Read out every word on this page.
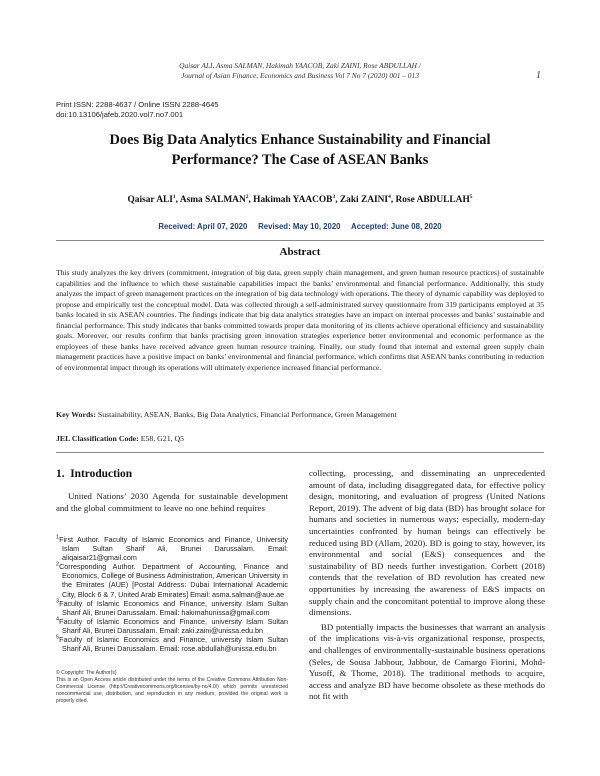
Qaisar ALI, Asma SALMAN, Hakimah YAACOB, Zaki ZAINI, Rose ABDULLAH /
Journal of Asian Finance, Economics and Business Vol 7 No 7 (2020) 001 – 013	1
Print ISSN: 2288-4637 / Online ISSN 2288-4645
doi:10.13106/jafeb.2020.vol7.no7.001
Does Big Data Analytics Enhance Sustainability and Financial
Performance? The Case of ASEAN Banks
Qaisar ALI$^1$, Asma SALMAN$^2$, Hakimah YAACOB$^3$, Zaki ZAINI$^4$, Rose ABDULLAH$^5$
Received: April 07, 2020     Revised: May 10, 2020     Accepted: June 08, 2020
Abstract
This study analyzes the key drivers (commitment, integration of big data, green supply chain management, and green human resource practices) of sustainable capabilities and the influence to which these sustainable capabilities impact the banks’ environmental and financial performance. Additionally, this study analyzes the impact of green management practices on the integration of big data technology with operations. The theory of dynamic capability was deployed to propose and empirically test the conceptual model. Data was collected through a self-administrated survey questionnaire from 319 participants employed at 35 banks located in six ASEAN countries. The findings indicate that big data analytics strategies have an impact on internal processes and banks’ sustainable and financial performance. This study indicates that banks committed towards proper data monitoring of its clients achieve operational efficiency and sustainability goals. Moreover, our results confirm that banks practising green innovation strategies experience better environmental and economic performance as the employees of these banks have received advance green human resource training. Finally, our study found that internal and external green supply chain management practices have a positive impact on banks’ environmental and financial performance, which confirms that ASEAN banks contributing in reduction of environmental impact through its operations will ultimately experience increased financial performance.
Key Words: Sustainability, ASEAN, Banks, Big Data Analytics, Financial Performance, Green Management
JEL Classification Code: E58, G21, Q5
1.  Introduction
United Nations’ 2030 Agenda for sustainable development and the global commitment to leave no one behind requires

$^1$First Author. Faculty of Islamic Economics and Finance, University Islam Sultan Sharif Ali, Brunei Darussalam. Email: aliqaisar21@gmail.com

$^2$Corresponding Author. Department of Accounting, Finance and Economics, College of Business Administration, American University in the Emirates (AUE) [Postal Address: Dubai International Academic City, Block 6 & 7, United Arab Emirates] Email: asma.salman@aue.ae

$^3$Faculty of Islamic Economics and Finance, university Islam Sultan Sharif Ali, Brunei Darussalam. Email: hakimahunissa@gmail.com

$^4$Faculty of Islamic Economics and Finance, university Islam Sultan Sharif Ali, Brunei Darussalam. Email: zaki.zaini@unissa.edu.bn

$^5$Faculty of Islamic Economics and Finance, university Islam Sultan Sharif Ali, Brunei Darussalam. Email: rose.abdullah@unissa.edu.bn

© Copyright: The Author(s)

This is an Open Access article distributed under the terms of the Creative Commons Attribution Non-Commercial License (http://Creativecommons.org/licenses/by-nc/4.0/) which permits unrestricted noncommercial use, distribution, and reproduction in any medium, provided the original work is properly cited.

collecting, processing, and disseminating an unprecedented amount of data, including disaggregated data, for effective policy design, monitoring, and evaluation of progress (United Nations Report, 2019). The advent of big data (BD) has brought solace for humans and societies in numerous ways; especially, modern-day uncertainties confronted by human beings can effectively be reduced using BD (Allam, 2020). BD is going to stay, however, its environmental and social (E&S) consequences and the sustainability of BD needs further investigation. Corbett (2018) contends that the revelation of BD revolution has created new opportunities by increasing the awareness of E&S impacts on supply chain and the concomitant potential to improve along these dimensions.

BD potentially impacts the businesses that warrant an analysis of the implications vis-à-vis organizational response, prospects, and challenges of environmentally-sustainable business operations (Seles, de Sousa Jabbour, Jabbour, de Camargo Fiorini, Mohd- Yusoff, & Thome, 2018). The traditional methods to acquire, access and analyze BD have become obsolete as these methods do not fit with
